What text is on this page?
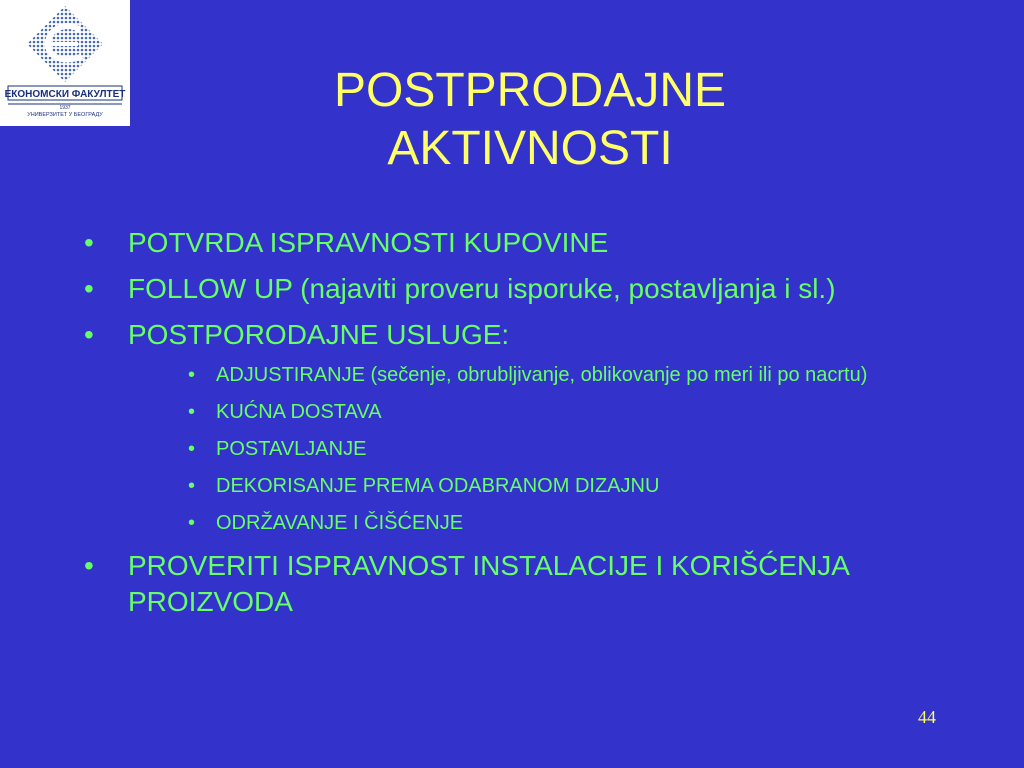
ЕКОНОМСКИ ФАКУЛТЕТ
1937
УНИВЕРЗИТЕТ У БЕОГРАДУ	POSTPRODAJNE
AKTIVNOSTI
•	POTVRDA ISPRAVNOSTI KUPOVINE
•	FOLLOW UP (najaviti proveru isporuke, postavljanja i sl.)
•	POSTPORODAJNE USLUGE:
• ADJUSTIRANJE (sečenje, obrubljivanje, oblikovanje po meri ili po nacrtu)
• KUĆNA DOSTAVA
• POSTAVLJANJE
• DEKORISANJE PREMA ODABRANOM DIZAJNU
• ODRŽAVANJE I ČIŠĆENJE
•	PROVERITI ISPRAVNOST INSTALACIJE I KORIŠĆENJA PROIZVODA
44
